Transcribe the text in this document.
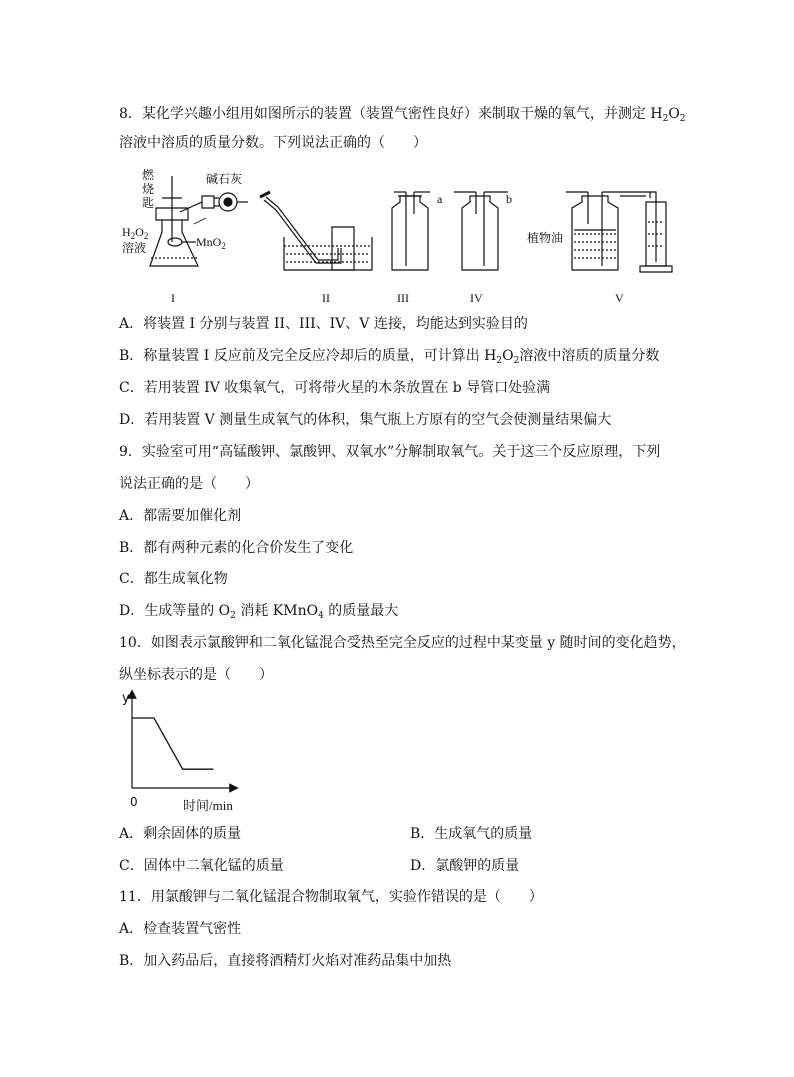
8．某化学兴趣小组用如图所示的装置（装置气密性良好）来制取干燥的氧气，并测定 $H_2O_2$
溶液中溶质的质量分数。下列说法正确的（　　）
燃
烧
匙
碱石灰
$H_2O_2$
溶液	MnO$_2$
a	b
植物油
I	II	III	IV	V
A．将装置 I 分别与装置 II、III、IV、V 连接，均能达到实验目的
B．称量装置 I 反应前及完全反应冷却后的质量，可计算出 $H_2O_2$溶液中溶质的质量分数
C．若用装置 IV 收集氧气，可将带火星的木条放置在 b 导管口处验满
D．若用装置 V 测量生成氧气的体积，集气瓶上方原有的空气会使测量结果偏大
9．实验室可用“高锰酸钾、氯酸钾、双氧水”分解制取氧气。关于这三个反应原理，下列
说法正确的是（　　）
A．都需要加催化剂
B．都有两种元素的化合价发生了变化
C．都生成氧化物
D．生成等量的 $O_2$ 消耗 KMnO$_4$ 的质量最大
10．如图表示氯酸钾和二氧化锰混合受热至完全反应的过程中某变量 y 随时间的变化趋势，
纵坐标表示的是（　　）
y
0	时间/min
A．剩余固体的质量	B．生成氧气的质量
C．固体中二氧化锰的质量	D．氯酸钾的质量
11．用氯酸钾与二氧化锰混合物制取氧气，实验作错误的是（　　）
A．检查装置气密性
B．加入药品后，直接将酒精灯火焰对准药品集中加热
